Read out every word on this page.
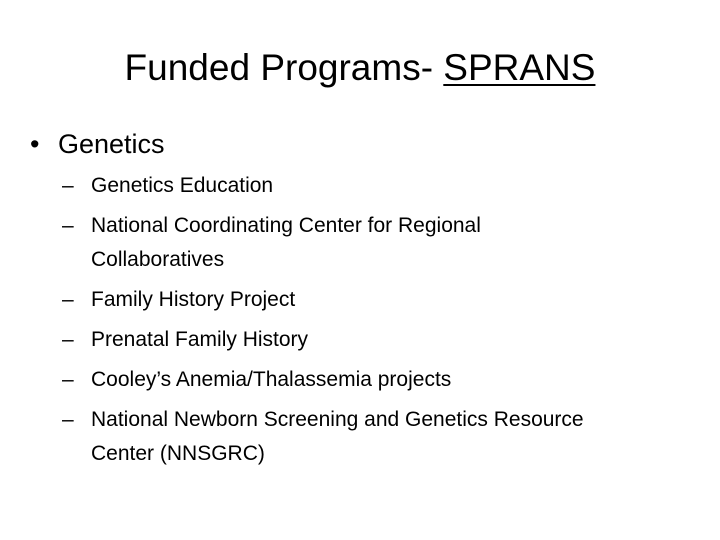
Funded Programs- SPRANS
• Genetics
– Genetics Education
– National Coordinating Center for Regional
Collaboratives
– Family History Project
– Prenatal Family History
– Cooley’s Anemia/Thalassemia projects
– National Newborn Screening and Genetics Resource
Center (NNSGRC)
